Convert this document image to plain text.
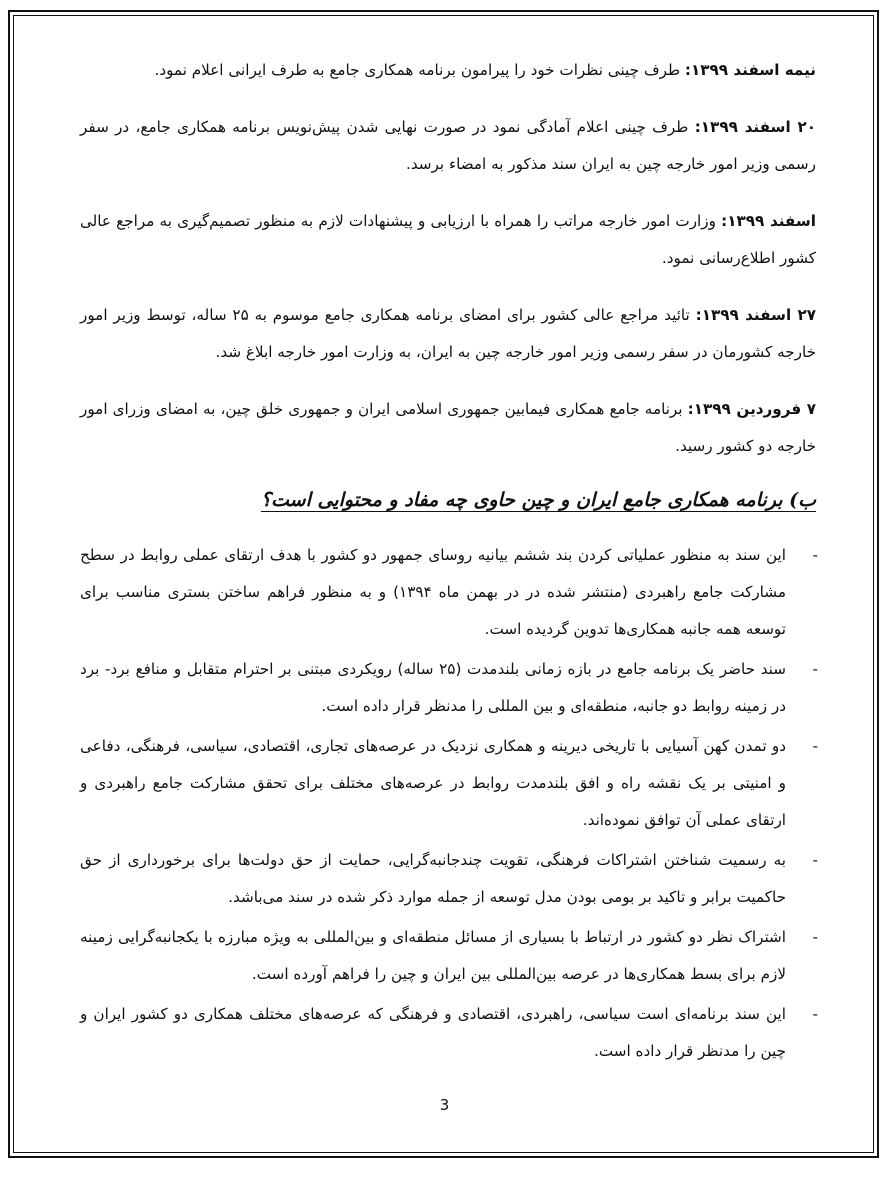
نیمه اسفند ۱۳۹۹: طرف چینی نظرات خود را پیرامون برنامه همکاری جامع به طرف ایرانی اعلام نمود.

۲۰ اسفند ۱۳۹۹: طرف چینی اعلام آمادگی نمود در صورت نهایی شدن پیش‌نویس برنامه همکاری جامع، در سفر رسمی وزیر امور خارجه چین به ایران سند مذکور به امضاء برسد.

اسفند ۱۳۹۹: وزارت امور خارجه مراتب را همراه با ارزیابی و پیشنهادات لازم به منظور تصمیم‌گیری به مراجع عالی کشور اطلاع‌رسانی نمود.

۲۷ اسفند ۱۳۹۹: تائید مراجع عالی کشور برای امضای برنامه همکاری جامع موسوم به ۲۵ ساله، توسط وزیر امور خارجه کشورمان در سفر رسمی وزیر امور خارجه چین به ایران، به وزارت امور خارجه ابلاغ شد.

۷ فروردین ۱۳۹۹: برنامه جامع همکاری فیمابین جمهوری اسلامی ایران و جمهوری خلق چین، به امضای وزرای امور خارجه دو کشور رسید.

ب) برنامه همکاری جامع ایران و چین حاوی چه مفاد و محتوایی است؟
-
این سند به منظور عملیاتی کردن بند ششم بیانیه روسای جمهور دو کشور با هدف ارتقای عملی روابط در سطح مشارکت جامع راهبردی (منتشر شده در در بهمن ماه ۱۳۹۴) و به منظور فراهم ساختن بستری مناسب برای توسعه همه جانبه همکاری‌ها تدوین گردیده است.
-
سند حاضر یک برنامه جامع در بازه زمانی بلندمدت (۲۵ ساله) رویکردی مبتنی بر احترام متقابل و منافع برد- برد در زمینه روابط دو جانبه، منطقه‌ای و بین المللی را مدنظر قرار داده است.
-
دو تمدن کهن آسیایی با تاریخی دیرینه و همکاری نزدیک در عرصه‌های تجاری، اقتصادی، سیاسی، فرهنگی، دفاعی و امنیتی بر یک نقشه راه و افق بلندمدت روابط در عرصه‌های مختلف برای تحقق مشارکت جامع راهبردی و ارتقای عملی آن توافق نموده‌اند.
-
به رسمیت شناختن اشتراکات فرهنگی، تقویت چندجانبه‌گرایی، حمایت از حق دولت‌ها برای برخورداری از حق حاکمیت برابر و تاکید بر بومی بودن مدل توسعه از جمله موارد ذکر شده در سند می‌باشد.
-
اشتراک نظر دو کشور در ارتباط با بسیاری از مسائل منطقه‌ای و بین‌المللی به ویژه مبارزه با یکجانبه‌گرایی زمینه لازم برای بسط همکاری‌ها در عرصه بین‌المللی بین ایران و چین را فراهم آورده است.
-
این سند برنامه‌ای است سیاسی، راهبردی، اقتصادی و فرهنگی که عرصه‌های مختلف همکاری دو کشور ایران و چین را مدنظر قرار داده است.
3
